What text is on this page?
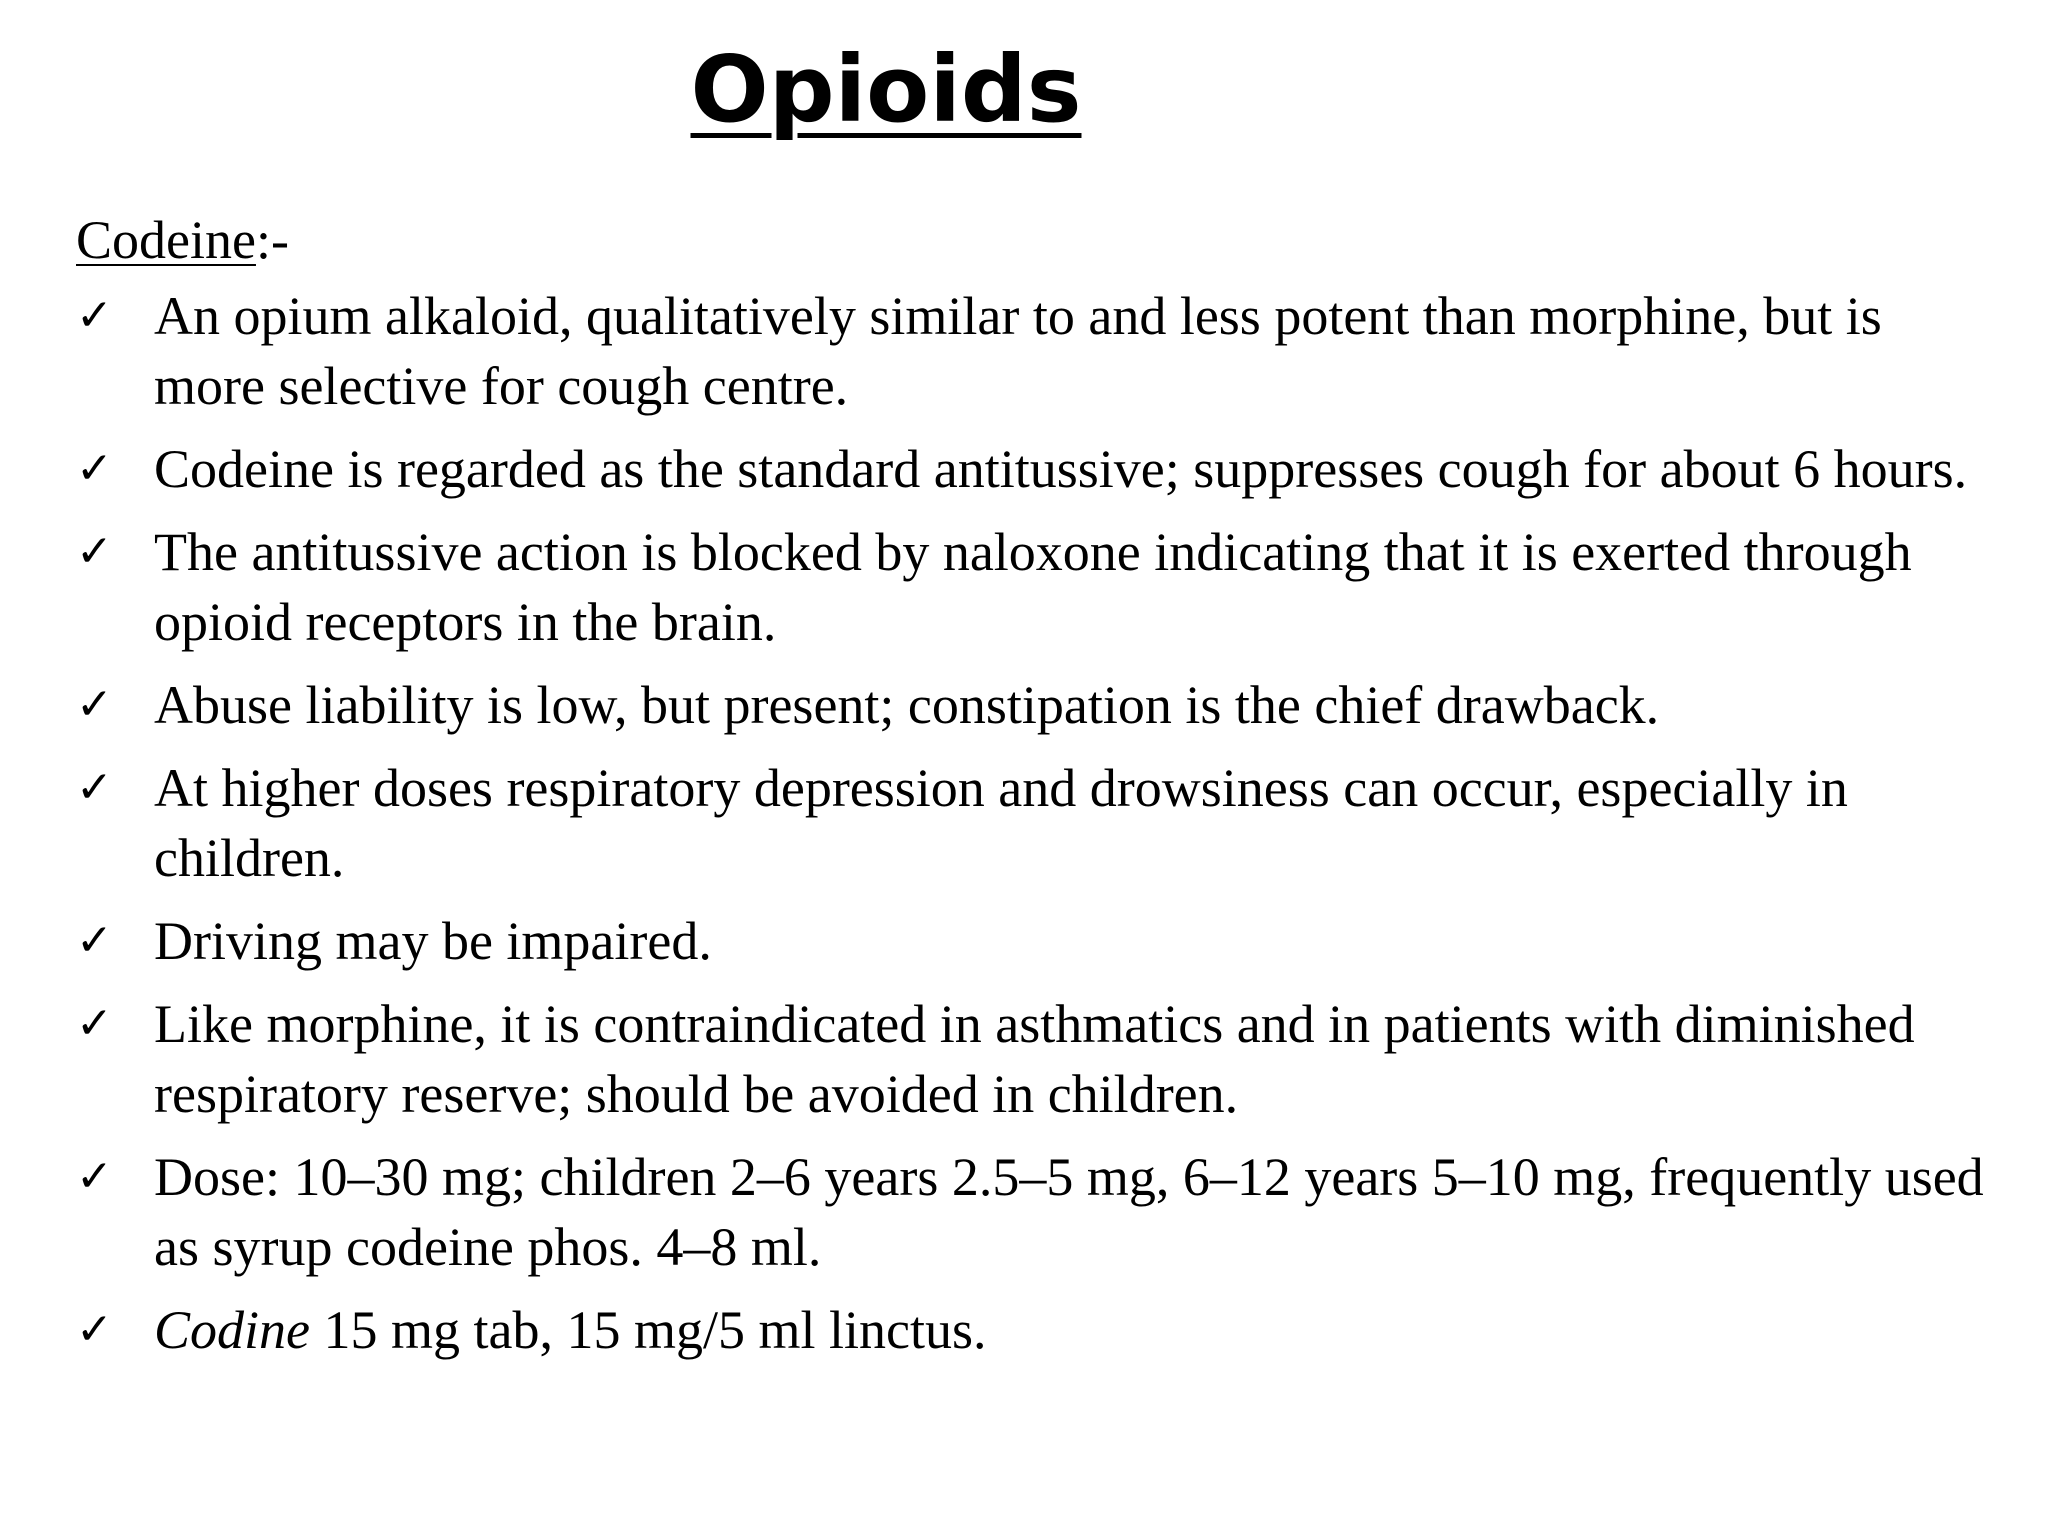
Opioids

Codeine:-

✓ An opium alkaloid, qualitatively similar to and less potent than morphine, but is more selective for cough centre.
✓ Codeine is regarded as the standard antitussive; suppresses cough for about 6 hours.
✓ The antitussive action is blocked by naloxone indicating that it is exerted through opioid receptors in the brain.
✓ Abuse liability is low, but present; constipation is the chief drawback.
✓ At higher doses respiratory depression and drowsiness can occur, especially in children.
✓ Driving may be impaired.
✓ Like morphine, it is contraindicated in asthmatics and in patients with diminished respiratory reserve; should be avoided in children.
✓ Dose: 10–30 mg; children 2–6 years 2.5–5 mg, 6–12 years 5–10 mg, frequently used as syrup codeine phos. 4–8 ml.
✓ Codine 15 mg tab, 15 mg/5 ml linctus.
